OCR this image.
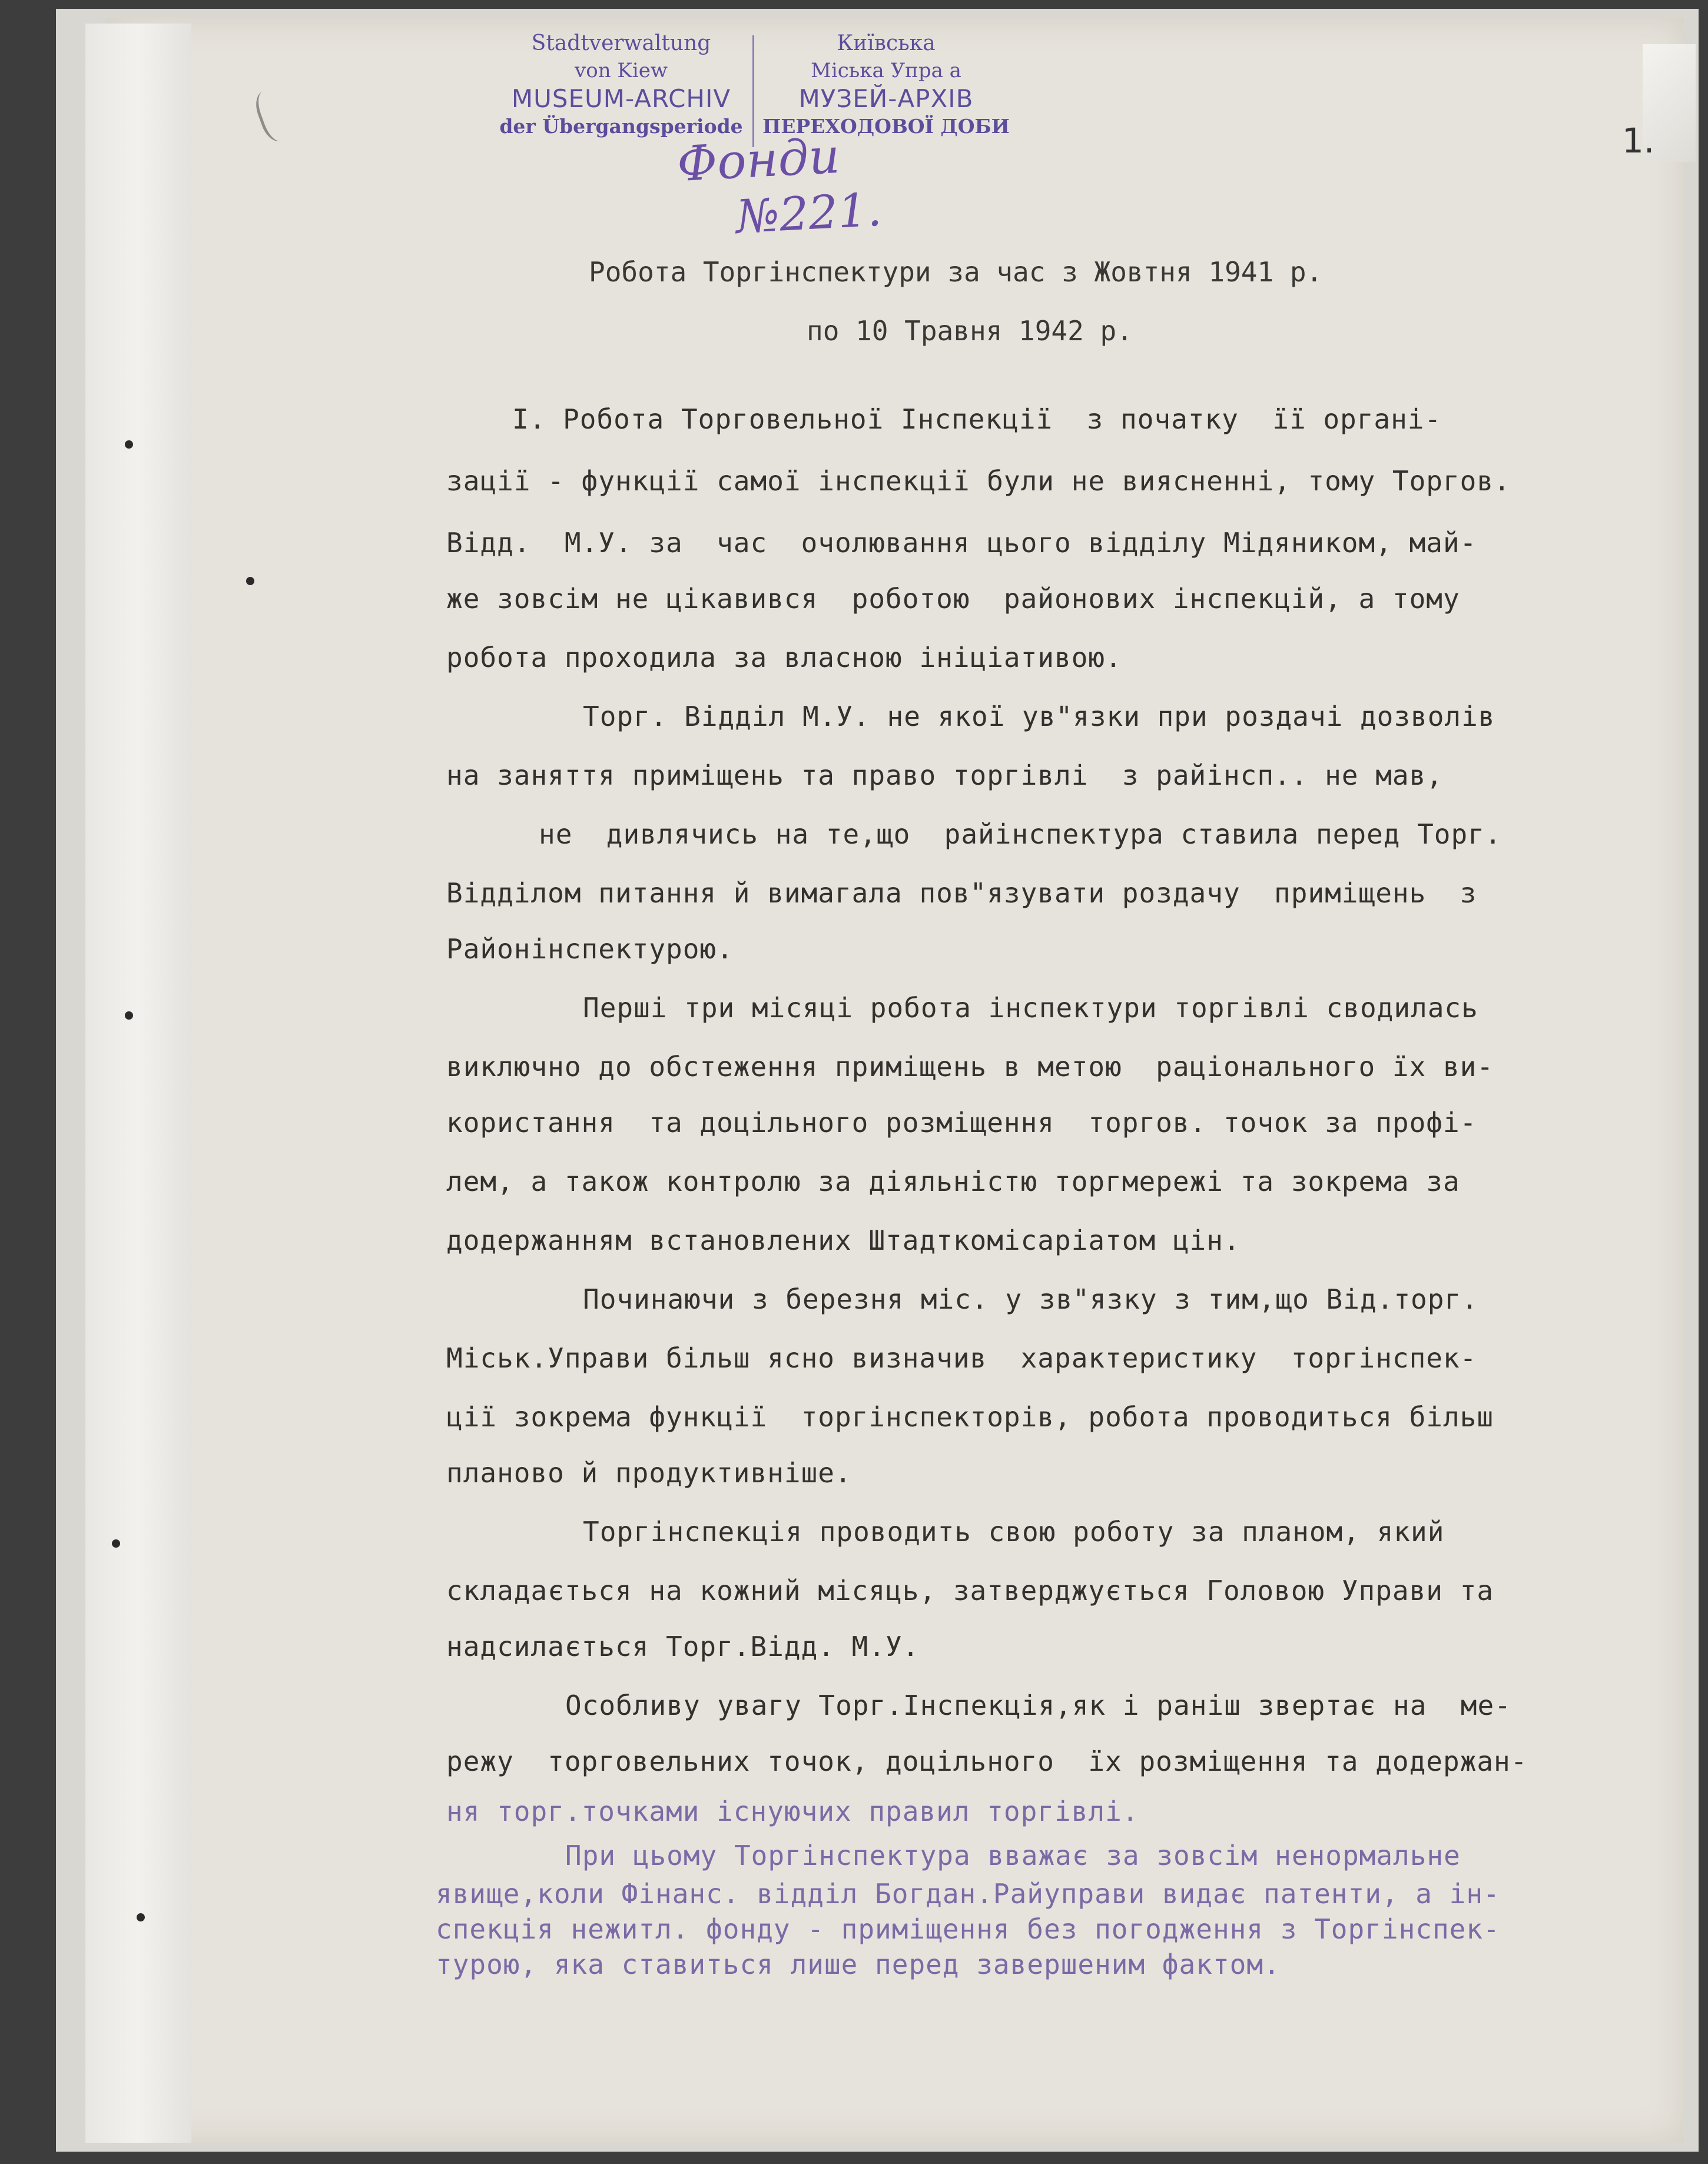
Stadtverwaltung
von Kiew
MUSEUM-ARCHIV
der Übergangsperiode
Київська
Міська Упра а
МУЗЕЙ-АРХІВ
ПЕРЕХОДОВОЇ ДОБИ
Фонди
№221.
1.
Робота Торгінспектури за час з Жовтня 1941 р.
по 10 Травня 1942 р.
I. Робота Торговельної Інспекції  з початку  її органі-
зації - функції самої інспекції були не виясненні, тому Торгов.
Відд.  М.У. за  час  очолювання цього відділу Мідяником, май-
же зовсім не цікавився  роботою  районових інспекцій, а тому
робота проходила за власною ініціативою.
Торг. Відділ М.У. не якої ув"язки при роздачі дозволів
на заняття приміщень та право торгівлі  з райінсп.. не мав,
не  дивлячись на те,що  райінспектура ставила перед Торг.
Відділом питання й вимагала пов"язувати роздачу  приміщень  з
Районінспектурою.
Перші три місяці робота інспектури торгівлі сводилась
виключно до обстеження приміщень в метою  раціонального їх ви-
користання  та доцільного розміщення  торгов. точок за профі-
лем, а також контролю за діяльністю торгмережі та зокрема за
додержанням встановлених Штадткомісаріатом цін.
Починаючи з березня міс. у зв"язку з тим,що Від.торг.
Міськ.Управи більш ясно визначив  характеристику  торгінспек-
ції зокрема функції  торгінспекторів, робота проводиться більш
планово й продуктивніше.
Торгінспекція проводить свою роботу за планом, який
складається на кожний місяць, затверджується Головою Управи та
надсилається Торг.Відд. М.У.
Особливу увагу Торг.Інспекція,як і раніш звертає на  ме-
режу  торговельних точок, доцільного  їх розміщення та додержан-
ня торг.точками існуючих правил торгівлі.
При цьому Торгінспектура вважає за зовсім ненормальне
явище,коли Фінанс. відділ Богдан.Райуправи видає патенти, а ін-
спекція нежитл. фонду - приміщення без погодження з Торгінспек-
турою, яка ставиться лише перед завершеним фактом.
